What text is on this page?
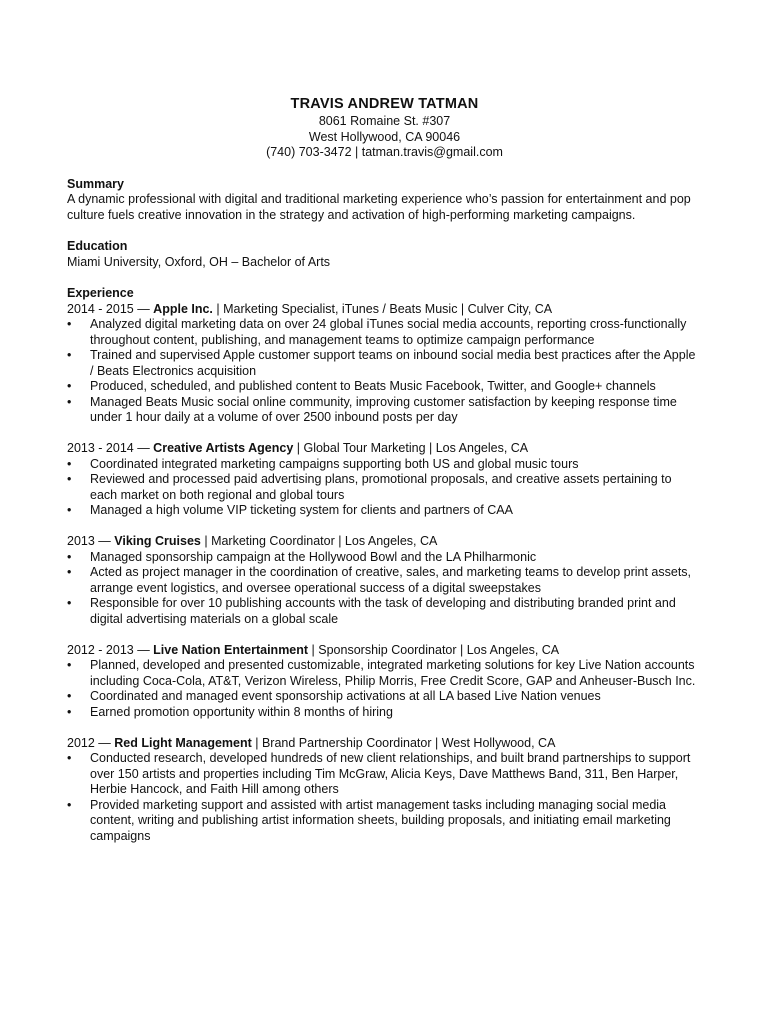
TRAVIS ANDREW TATMAN
8061 Romaine St. #307
West Hollywood, CA 90046
(740) 703-3472 | tatman.travis@gmail.com
Summary

A dynamic professional with digital and traditional marketing experience who’s passion for entertainment and pop culture fuels creative innovation in the strategy and activation of high-performing marketing campaigns.

Education

Miami University, Oxford, OH – Bachelor of Arts

Experience
2014 - 2015 — Apple Inc. | Marketing Specialist, iTunes / Beats Music | Culver City, CA
• Analyzed digital marketing data on over 24 global iTunes social media accounts, reporting cross-functionally throughout content, publishing, and management teams to optimize campaign performance
• Trained and supervised Apple customer support teams on inbound social media best practices after the Apple / Beats Electronics acquisition
• Produced, scheduled, and published content to Beats Music Facebook, Twitter, and Google+ channels
• Managed Beats Music social online community, improving customer satisfaction by keeping response time under 1 hour daily at a volume of over 2500 inbound posts per day
2013 - 2014 — Creative Artists Agency | Global Tour Marketing | Los Angeles, CA
• Coordinated integrated marketing campaigns supporting both US and global music tours
• Reviewed and processed paid advertising plans, promotional proposals, and creative assets pertaining to each market on both regional and global tours
• Managed a high volume VIP ticketing system for clients and partners of CAA
2013 — Viking Cruises | Marketing Coordinator | Los Angeles, CA
• Managed sponsorship campaign at the Hollywood Bowl and the LA Philharmonic
• Acted as project manager in the coordination of creative, sales, and marketing teams to develop print assets, arrange event logistics, and oversee operational success of a digital sweepstakes
• Responsible for over 10 publishing accounts with the task of developing and distributing branded print and digital advertising materials on a global scale
2012 - 2013 — Live Nation Entertainment | Sponsorship Coordinator | Los Angeles, CA
• Planned, developed and presented customizable, integrated marketing solutions for key Live Nation accounts including Coca-Cola, AT&T, Verizon Wireless, Philip Morris, Free Credit Score, GAP and Anheuser-Busch Inc.
• Coordinated and managed event sponsorship activations at all LA based Live Nation venues
• Earned promotion opportunity within 8 months of hiring
2012 — Red Light Management | Brand Partnership Coordinator | West Hollywood, CA
• Conducted research, developed hundreds of new client relationships, and built brand partnerships to support over 150 artists and properties including Tim McGraw, Alicia Keys, Dave Matthews Band, 311, Ben Harper, Herbie Hancock, and Faith Hill among others
• Provided marketing support and assisted with artist management tasks including managing social media content, writing and publishing artist information sheets, building proposals, and initiating email marketing campaigns
